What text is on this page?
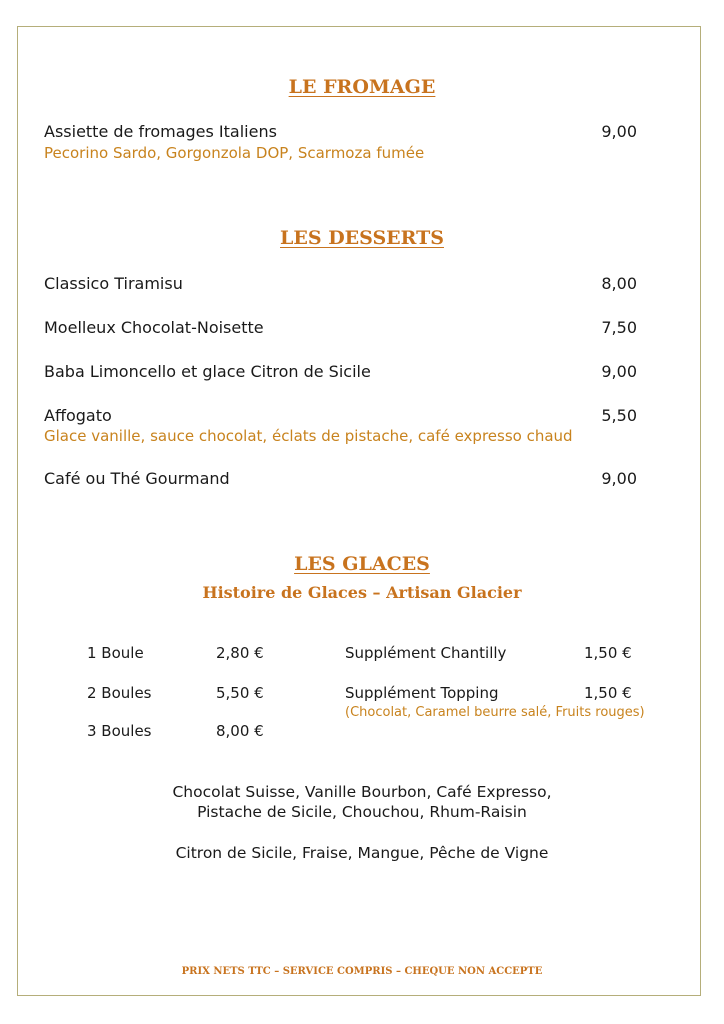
LE FROMAGE
Assiette de fromages Italiens	9,00
Pecorino Sardo, Gorgonzola DOP, Scarmoza fumée
LES DESSERTS
Classico Tiramisu	8,00
Moelleux Chocolat-Noisette	7,50
Baba Limoncello et glace Citron de Sicile	9,00
Affogato	5,50
Glace vanille, sauce chocolat, éclats de pistache, café expresso chaud
Café ou Thé Gourmand	9,00
LES GLACES
Histoire de Glaces – Artisan Glacier
1 Boule	2,80 €
2 Boules	5,50 €
3 Boules	8,00 €
Supplément Chantilly	1,50 €
Supplément Topping	1,50 €
(Chocolat, Caramel beurre salé, Fruits rouges)
Chocolat Suisse, Vanille Bourbon, Café Expresso,
Pistache de Sicile, Chouchou, Rhum-Raisin
Citron de Sicile, Fraise, Mangue, Pêche de Vigne
PRIX NETS TTC – SERVICE COMPRIS – CHEQUE NON ACCEPTE
